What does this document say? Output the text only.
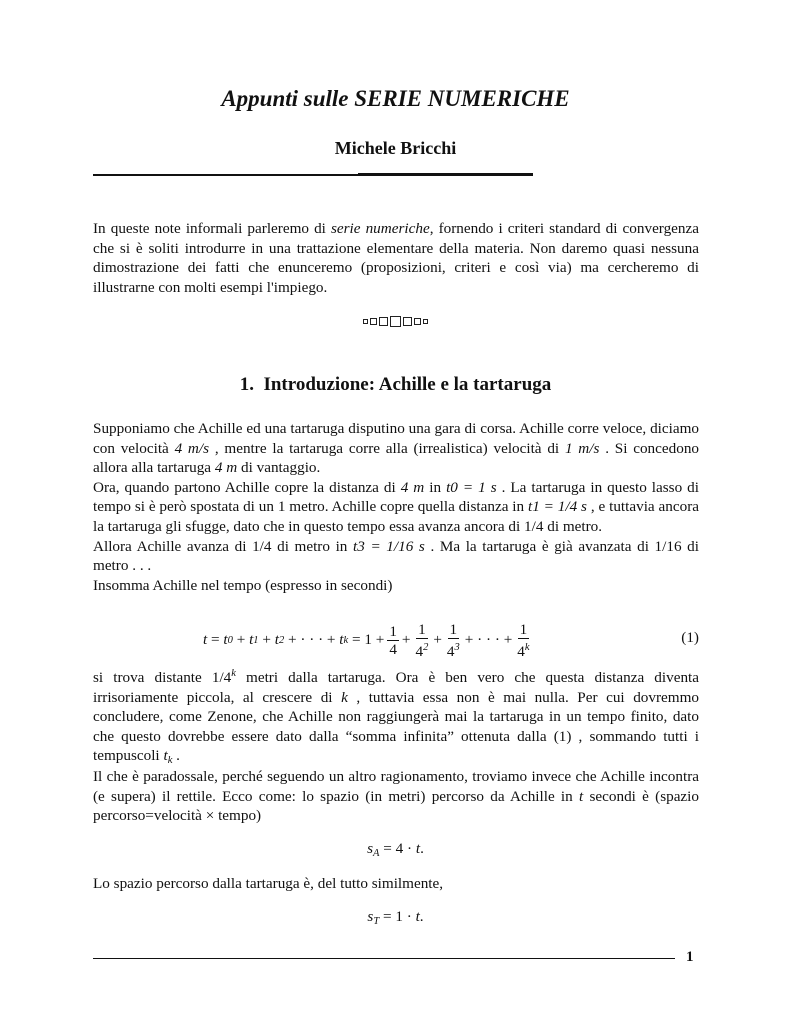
Appunti sulle SERIE NUMERICHE
Michele Bricchi

In queste note informali parleremo di serie numeriche, fornendo i criteri standard di convergenza che si è soliti introdurre in una trattazione elementare della materia. Non daremo quasi nessuna dimostrazione dei fatti che enunceremo (proposizioni, criteri e così via) ma cercheremo di illustrarne con molti esempi l'impiego.

1. Introduzione: Achille e la tartaruga

Supponiamo che Achille ed una tartaruga disputino una gara di corsa. Achille corre veloce, diciamo con velocità 4 m/s , mentre la tartaruga corre alla (irrealistica) velocità di 1 m/s . Si concedono allora alla tartaruga 4 m di vantaggio.

Ora, quando partono Achille copre la distanza di 4 m in t0 = 1 s . La tartaruga in questo lasso di tempo si è però spostata di un 1 metro. Achille copre quella distanza in t1 = 1/4 s , e tuttavia ancora la tartaruga gli sfugge, dato che in questo tempo essa avanza ancora di 1/4 di metro.

Allora Achille avanza di 1/4 di metro in t3 = 1/16 s . Ma la tartaruga è già avanzata di 1/16 di metro . . .

Insomma Achille nel tempo (espresso in secondi)

t = t 0 + t 1 + t 2 + · · · + t $k = 1 + \frac{1}{4} + \frac{1}{4^2} + \frac{1}{4^3}$ + · · · + $\frac{1}{4^k}$	(1)

si trova distante 1/4$^k$ metri dalla tartaruga. Ora è ben vero che questa distanza diventa irrisoriamente piccola, al crescere di k , tuttavia essa non è mai nulla. Per cui dovremmo concludere, come Zenone, che Achille non raggiungerà mai la tartaruga in un tempo finito, dato che questo dovrebbe essere dato dalla “somma infinita” ottenuta dalla (1) , sommando tutti i tempuscoli $t_k$ .

Il che è paradossale, perché seguendo un altro ragionamento, troviamo invece che Achille incontra (e supera) il rettile. Ecco come: lo spazio (in metri) percorso da Achille in t secondi è (spazio percorso=velocità × tempo)

$s_A = 4 \cdot t$.

Lo spazio percorso dalla tartaruga è, del tutto similmente,

$s_T = 1 \cdot t$.
1
